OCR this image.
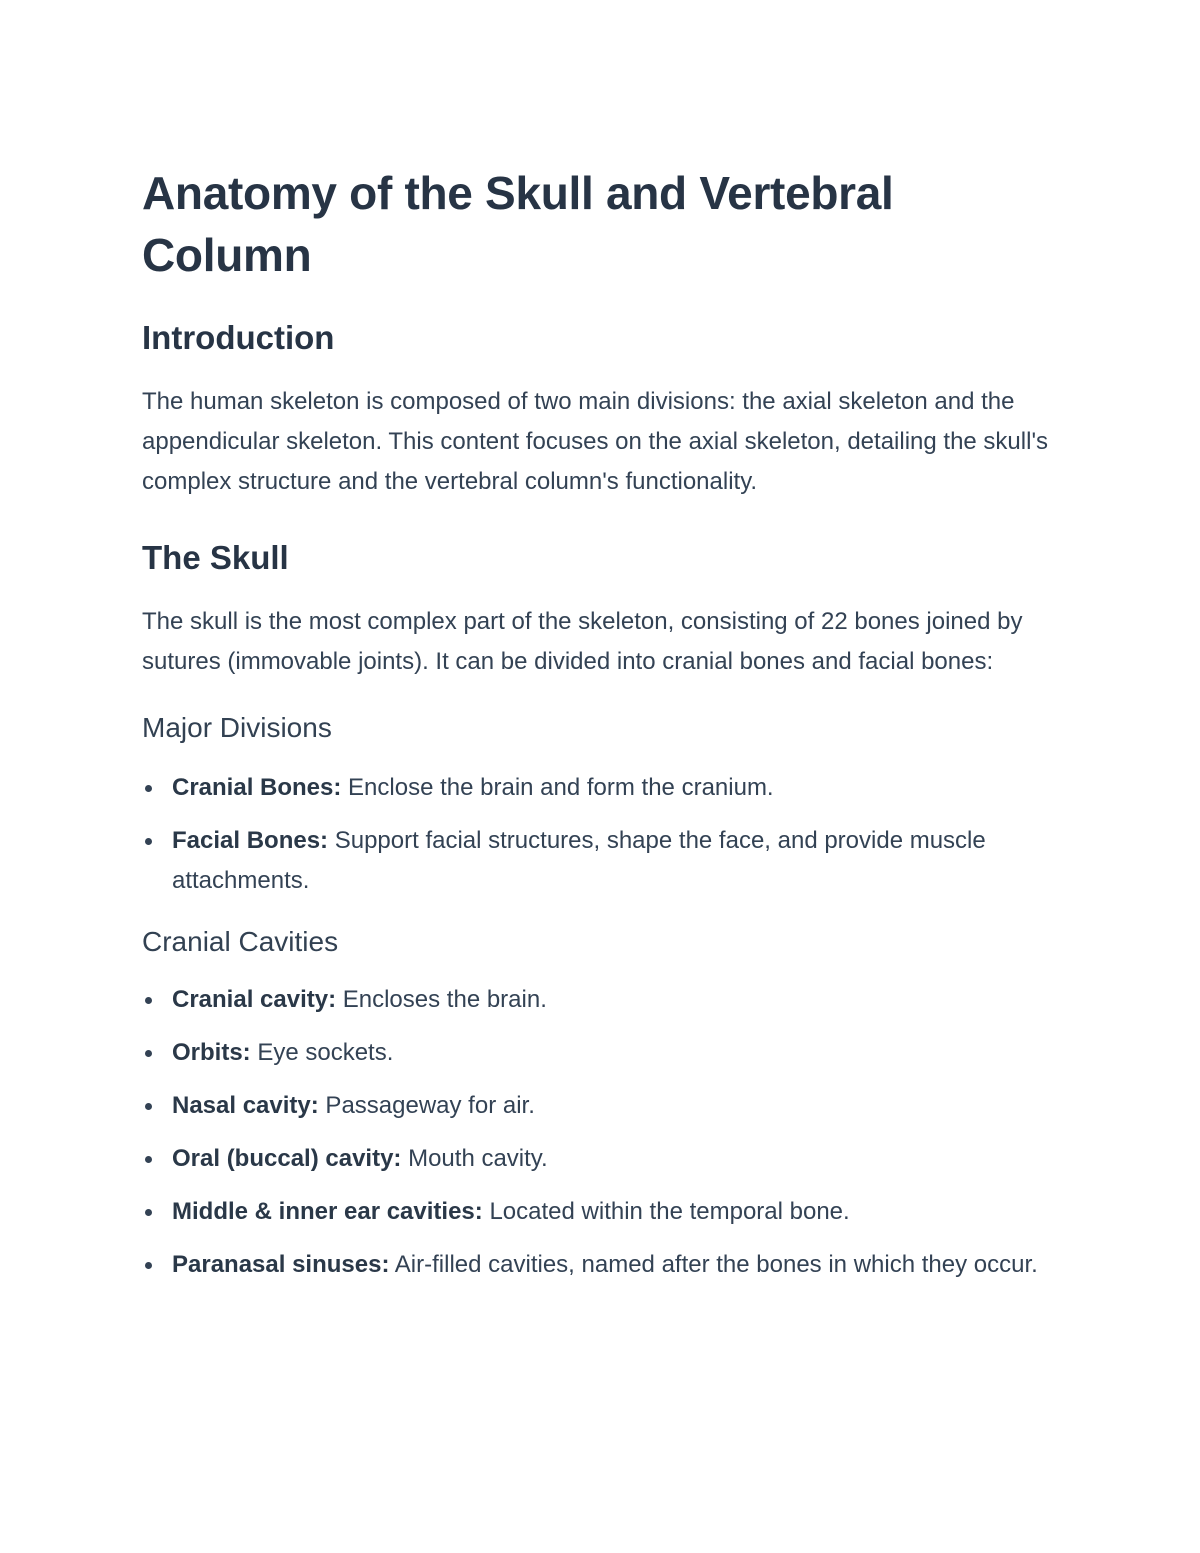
Anatomy of the Skull and Vertebral Column
Introduction

The human skeleton is composed of two main divisions: the axial skeleton and the appendicular skeleton. This content focuses on the axial skeleton, detailing the skull's complex structure and the vertebral column's functionality.

The Skull

The skull is the most complex part of the skeleton, consisting of 22 bones joined by sutures (immovable joints). It can be divided into cranial bones and facial bones:

Major Divisions
Cranial Bones: Enclose the brain and form the cranium.
Facial Bones: Support facial structures, shape the face, and provide muscle attachments.
Cranial Cavities
Cranial cavity: Encloses the brain.
Orbits: Eye sockets.
Nasal cavity: Passageway for air.
Oral (buccal) cavity: Mouth cavity.
Middle & inner ear cavities: Located within the temporal bone.
Paranasal sinuses: Air-filled cavities, named after the bones in which they occur.
